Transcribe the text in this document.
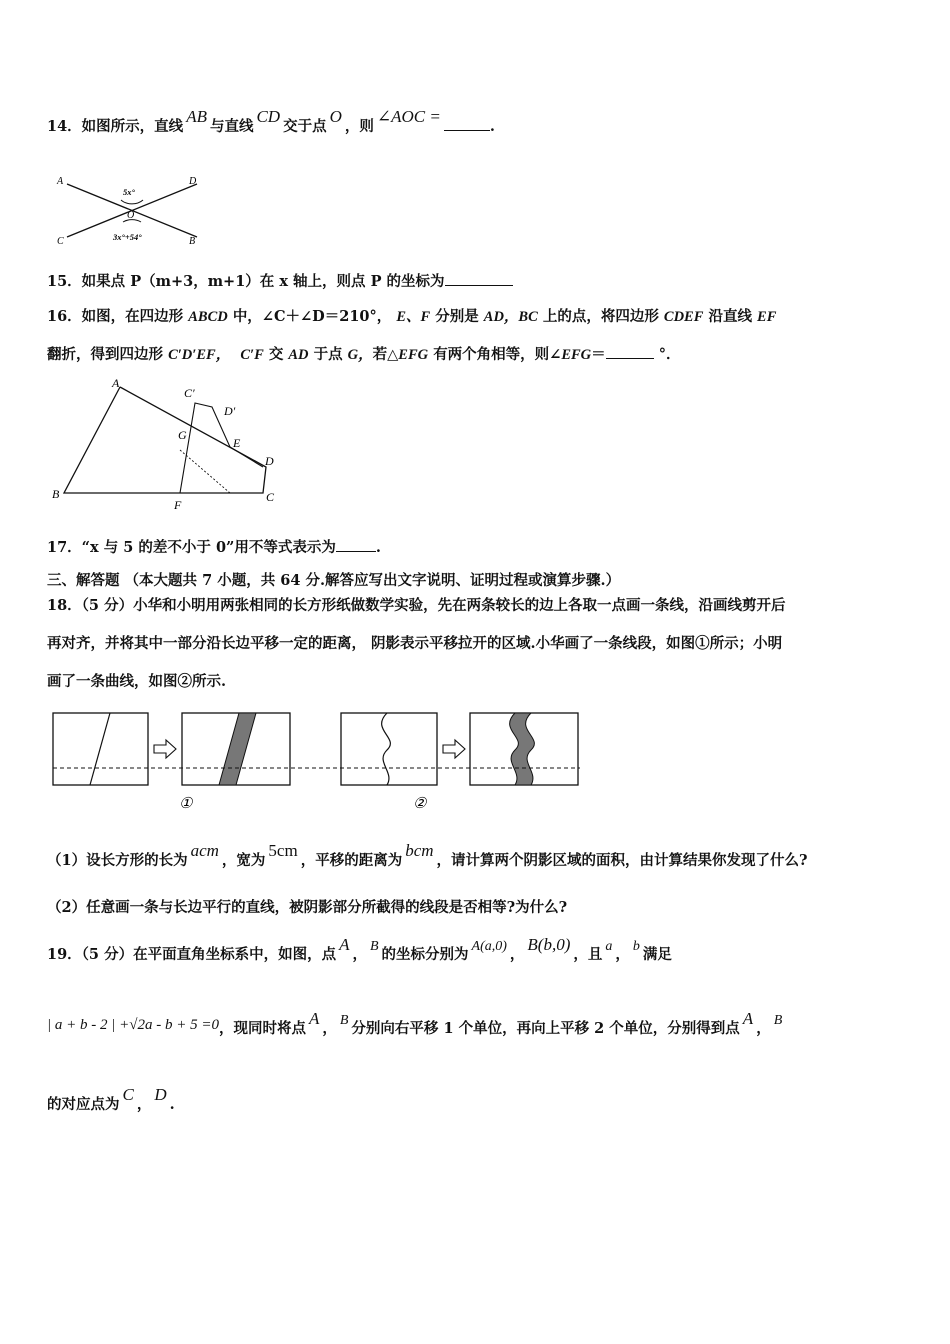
14．如图所示，直线AB与直线CD交于点O，则∠AOC =.
A	D
C	B
O
5x°
3x°+54°
15．如果点 P（m+3，m+1）在 x 轴上，则点 P 的坐标为
16．如图，在四边形 ABCD 中，∠C＋∠D＝210°， E、F 分别是 AD，BC 上的点，将四边形 CDEF 沿直线 EF
翻折，得到四边形 C′D′EF， C′F 交 AD 于点 G，若△EFG 有两个角相等，则∠EFG＝	°．
A
B	C
D
E
F
G
C′
D′
17．“x 与 5 的差不小于 0”用不等式表示为	.
三、解答题 （本大题共 7 小题，共 64 分.解答应写出文字说明、证明过程或演算步骤.）
18．（5 分）小华和小明用两张相同的长方形纸做数学实验，先在两条较长的边上各取一点画一条线，沿画线剪开后
再对齐，并将其中一部分沿长边平移一定的距离， 阴影表示平移拉开的区域.小华画了一条线段，如图①所示；小明
画了一条曲线，如图②所示.
①	②
（1）设长方形的长为acm，宽为5cm，平移的距离为bcm，请计算两个阴影区域的面积，由计算结果你发现了什么?
（2）任意画一条与长边平行的直线，被阴影部分所截得的线段是否相等?为什么?
19．（5 分）在平面直角坐标系中，如图，点A， B 的坐标分别为 A(a,0) ，B(b,0)，且 a ， b 满足
| a + b - 2 | +√2a - b + 5 =0，现同时将点A， B 分别向右平移 1 个单位，再向上平移 2 个单位，分别得到点A， B
的对应点为C，D.
